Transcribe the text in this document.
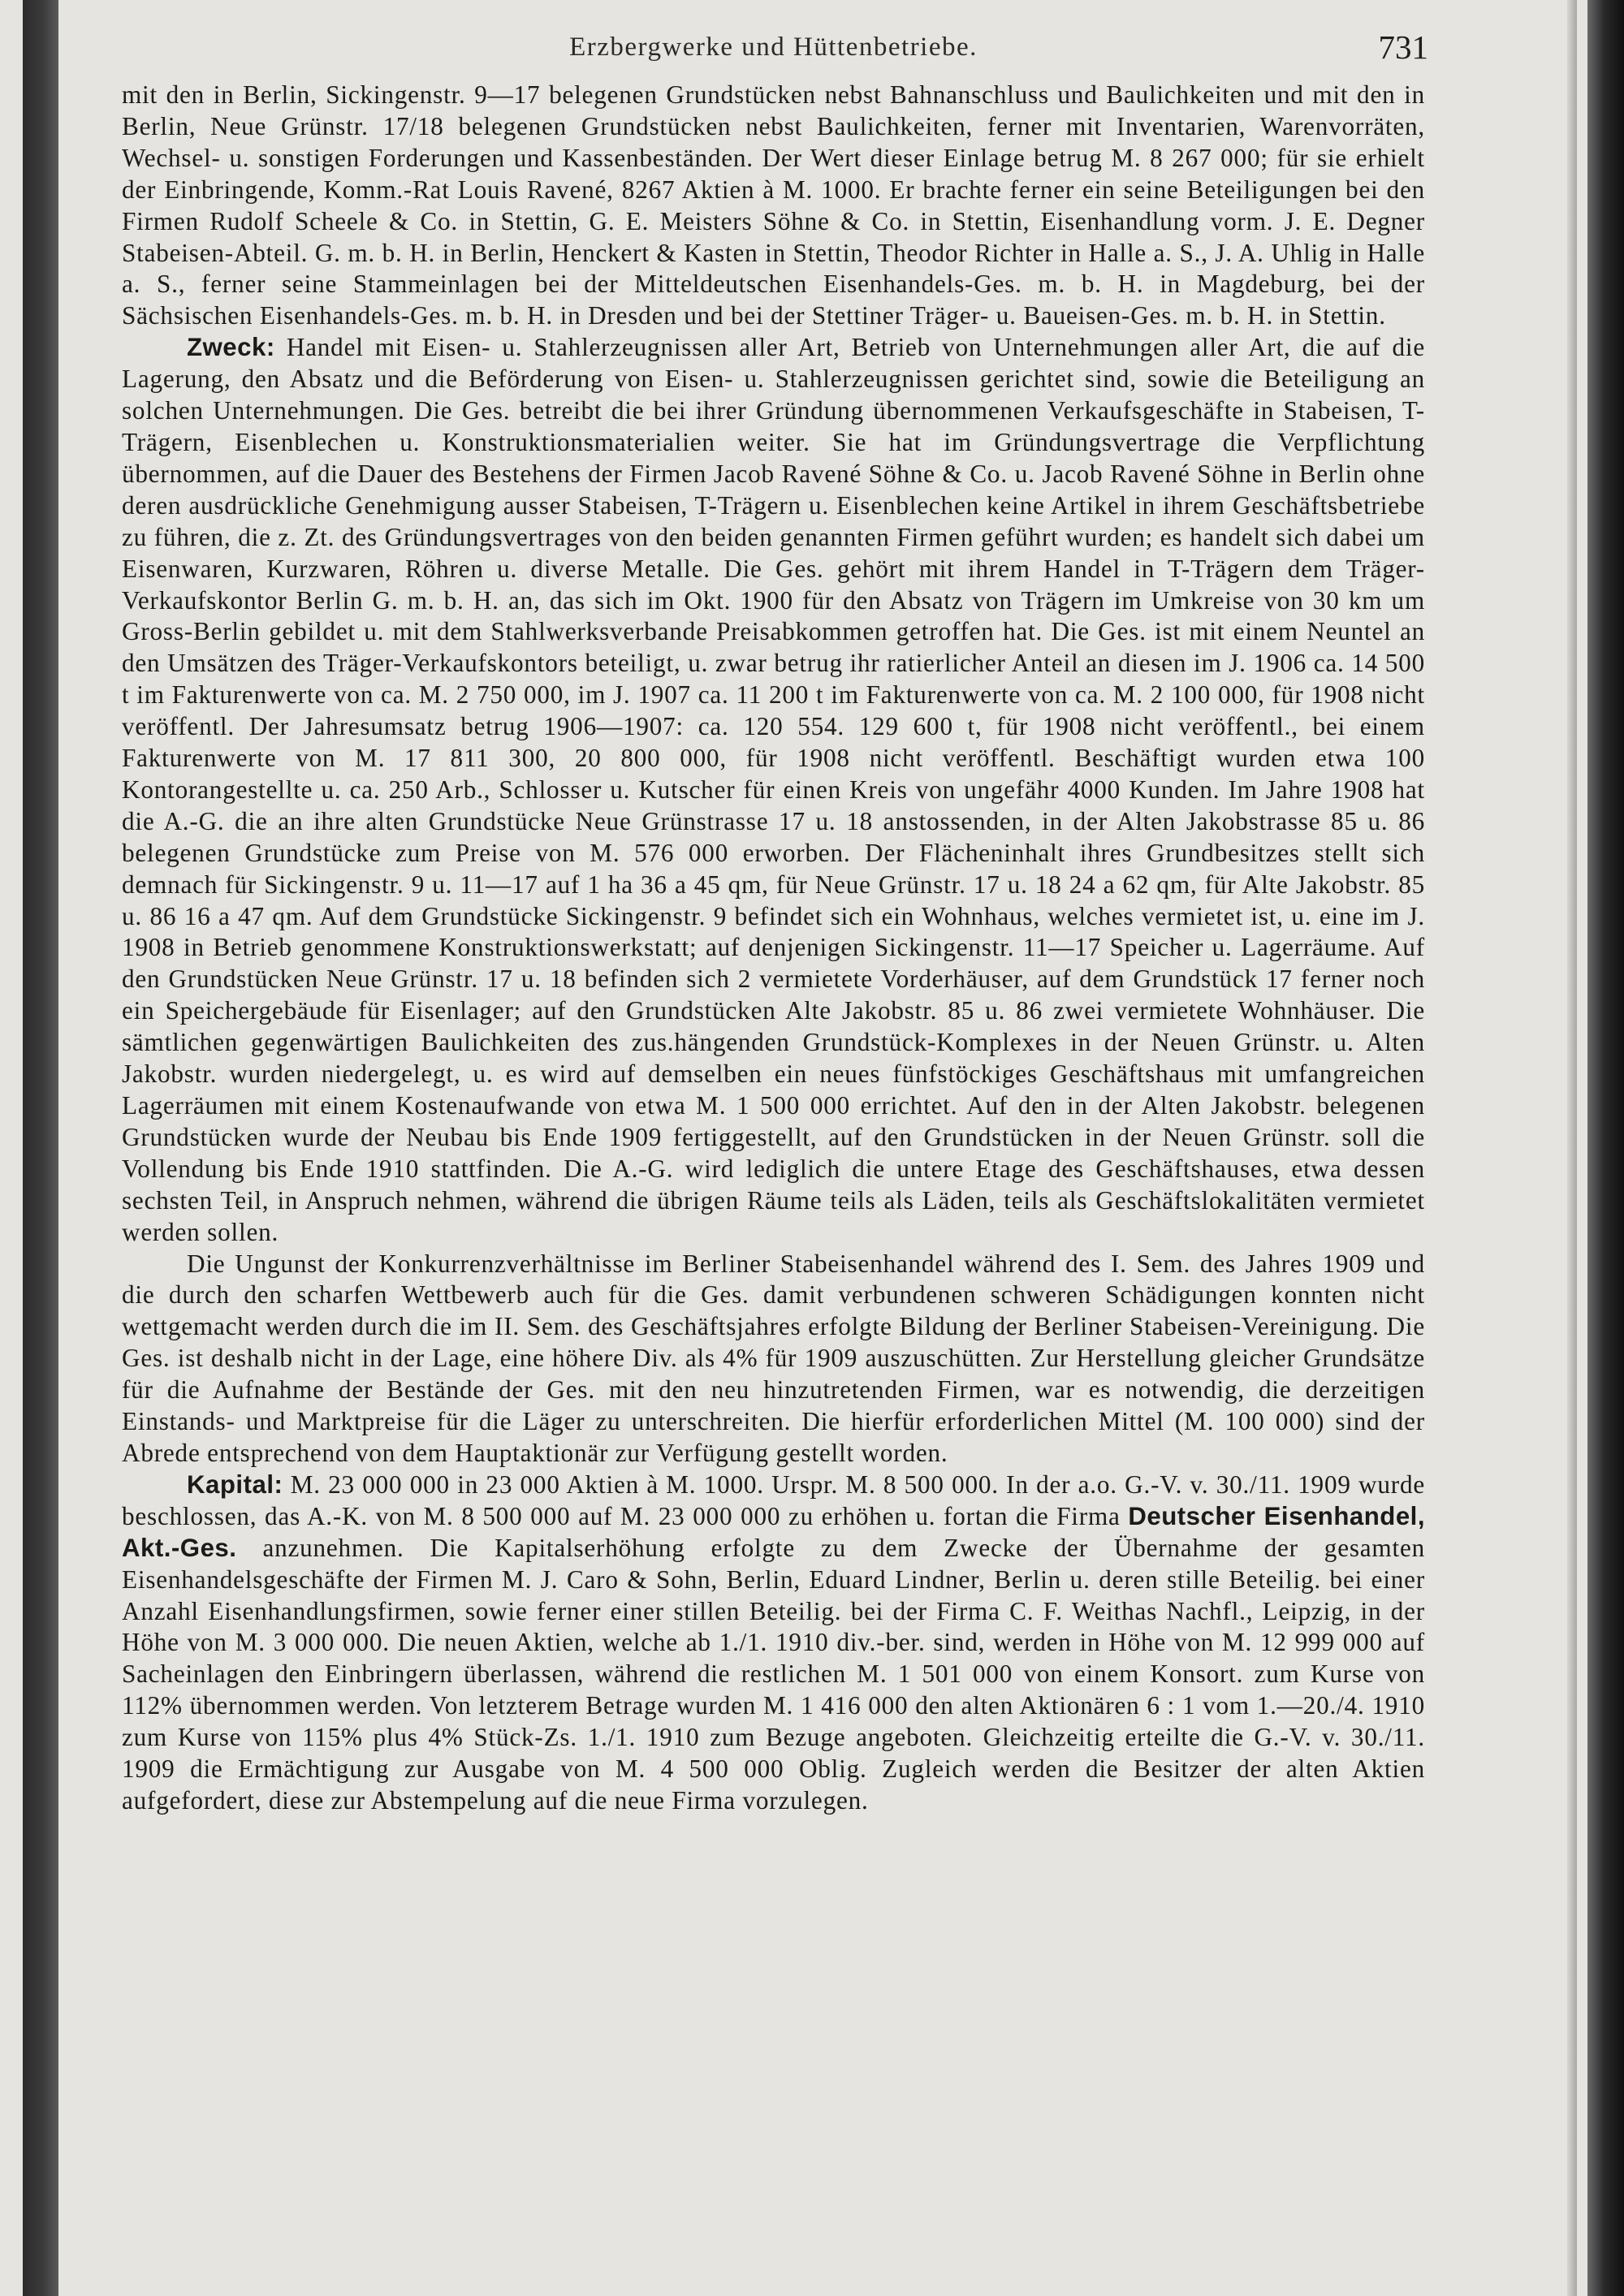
Erzbergwerke und Hüttenbetriebe.	731

mit den in Berlin, Sickingenstr. 9—17 belegenen Grundstücken nebst Bahnanschluss und Baulichkeiten und mit den in Berlin, Neue Grünstr. 17/18 belegenen Grundstücken nebst Baulichkeiten, ferner mit Inventarien, Warenvorräten, Wechsel- u. sonstigen Forderungen und Kassenbeständen. Der Wert dieser Einlage betrug M. 8 267 000; für sie erhielt der Einbringende, Komm.-Rat Louis Ravené, 8267 Aktien à M. 1000. Er brachte ferner ein seine Beteiligungen bei den Firmen Rudolf Scheele & Co. in Stettin, G. E. Meisters Söhne & Co. in Stettin, Eisenhandlung vorm. J. E. Degner Stabeisen-Abteil. G. m. b. H. in Berlin, Henckert & Kasten in Stettin, Theodor Richter in Halle a. S., J. A. Uhlig in Halle a. S., ferner seine Stammeinlagen bei der Mitteldeutschen Eisenhandels-Ges. m. b. H. in Magdeburg, bei der Sächsischen Eisenhandels-Ges. m. b. H. in Dresden und bei der Stettiner Träger- u. Baueisen-Ges. m. b. H. in Stettin.

Zweck: Handel mit Eisen- u. Stahlerzeugnissen aller Art, Betrieb von Unternehmungen aller Art, die auf die Lagerung, den Absatz und die Beförderung von Eisen- u. Stahlerzeugnissen gerichtet sind, sowie die Beteiligung an solchen Unternehmungen. Die Ges. betreibt die bei ihrer Gründung übernommenen Verkaufsgeschäfte in Stabeisen, T-Trägern, Eisenblechen u. Konstruktionsmaterialien weiter. Sie hat im Gründungsvertrage die Verpflichtung übernommen, auf die Dauer des Bestehens der Firmen Jacob Ravené Söhne & Co. u. Jacob Ravené Söhne in Berlin ohne deren ausdrückliche Genehmigung ausser Stabeisen, T-Trägern u. Eisenblechen keine Artikel in ihrem Geschäftsbetriebe zu führen, die z. Zt. des Gründungsvertrages von den beiden genannten Firmen geführt wurden; es handelt sich dabei um Eisenwaren, Kurzwaren, Röhren u. diverse Metalle. Die Ges. gehört mit ihrem Handel in T-Trägern dem Träger-Verkaufskontor Berlin G. m. b. H. an, das sich im Okt. 1900 für den Absatz von Trägern im Umkreise von 30 km um Gross-Berlin gebildet u. mit dem Stahlwerksverbande Preisabkommen getroffen hat. Die Ges. ist mit einem Neuntel an den Umsätzen des Träger-Verkaufskontors beteiligt, u. zwar betrug ihr ratierlicher Anteil an diesen im J. 1906 ca. 14 500 t im Fakturenwerte von ca. M. 2 750 000, im J. 1907 ca. 11 200 t im Fakturenwerte von ca. M. 2 100 000, für 1908 nicht veröffentl. Der Jahresumsatz betrug 1906—1907: ca. 120 554. 129 600 t, für 1908 nicht veröffentl., bei einem Fakturenwerte von M. 17 811 300, 20 800 000, für 1908 nicht veröffentl. Beschäftigt wurden etwa 100 Kontorangestellte u. ca. 250 Arb., Schlosser u. Kutscher für einen Kreis von ungefähr 4000 Kunden. Im Jahre 1908 hat die A.-G. die an ihre alten Grundstücke Neue Grünstrasse 17 u. 18 anstossenden, in der Alten Jakobstrasse 85 u. 86 belegenen Grundstücke zum Preise von M. 576 000 erworben. Der Flächeninhalt ihres Grundbesitzes stellt sich demnach für Sickingenstr. 9 u. 11—17 auf 1 ha 36 a 45 qm, für Neue Grünstr. 17 u. 18 24 a 62 qm, für Alte Jakobstr. 85 u. 86 16 a 47 qm. Auf dem Grundstücke Sickingenstr. 9 befindet sich ein Wohnhaus, welches vermietet ist, u. eine im J. 1908 in Betrieb genommene Konstruktionswerkstatt; auf denjenigen Sickingenstr. 11—17 Speicher u. Lagerräume. Auf den Grundstücken Neue Grünstr. 17 u. 18 befinden sich 2 vermietete Vorderhäuser, auf dem Grundstück 17 ferner noch ein Speichergebäude für Eisenlager; auf den Grundstücken Alte Jakobstr. 85 u. 86 zwei vermietete Wohnhäuser. Die sämtlichen gegenwärtigen Baulichkeiten des zus.hängenden Grundstück-Komplexes in der Neuen Grünstr. u. Alten Jakobstr. wurden niedergelegt, u. es wird auf demselben ein neues fünfstöckiges Geschäftshaus mit umfangreichen Lagerräumen mit einem Kostenaufwande von etwa M. 1 500 000 errichtet. Auf den in der Alten Jakobstr. belegenen Grundstücken wurde der Neubau bis Ende 1909 fertiggestellt, auf den Grundstücken in der Neuen Grünstr. soll die Vollendung bis Ende 1910 stattfinden. Die A.-G. wird lediglich die untere Etage des Geschäftshauses, etwa dessen sechsten Teil, in Anspruch nehmen, während die übrigen Räume teils als Läden, teils als Geschäftslokalitäten vermietet werden sollen.

Die Ungunst der Konkurrenzverhältnisse im Berliner Stabeisenhandel während des I. Sem. des Jahres 1909 und die durch den scharfen Wettbewerb auch für die Ges. damit verbundenen schweren Schädigungen konnten nicht wettgemacht werden durch die im II. Sem. des Geschäftsjahres erfolgte Bildung der Berliner Stabeisen-Vereinigung. Die Ges. ist deshalb nicht in der Lage, eine höhere Div. als 4% für 1909 auszuschütten. Zur Herstellung gleicher Grundsätze für die Aufnahme der Bestände der Ges. mit den neu hinzutretenden Firmen, war es notwendig, die derzeitigen Einstands- und Marktpreise für die Läger zu unterschreiten. Die hierfür erforderlichen Mittel (M. 100 000) sind der Abrede entsprechend von dem Hauptaktionär zur Verfügung gestellt worden.

Kapital: M. 23 000 000 in 23 000 Aktien à M. 1000. Urspr. M. 8 500 000. In der a.o. G.-V. v. 30./11. 1909 wurde beschlossen, das A.-K. von M. 8 500 000 auf M. 23 000 000 zu erhöhen u. fortan die Firma Deutscher Eisenhandel, Akt.-Ges. anzunehmen. Die Kapitalserhöhung erfolgte zu dem Zwecke der Übernahme der gesamten Eisenhandelsgeschäfte der Firmen M. J. Caro & Sohn, Berlin, Eduard Lindner, Berlin u. deren stille Beteilig. bei einer Anzahl Eisenhandlungsfirmen, sowie ferner einer stillen Beteilig. bei der Firma C. F. Weithas Nachfl., Leipzig, in der Höhe von M. 3 000 000. Die neuen Aktien, welche ab 1./1. 1910 div.-ber. sind, werden in Höhe von M. 12 999 000 auf Sacheinlagen den Einbringern überlassen, während die restlichen M. 1 501 000 von einem Konsort. zum Kurse von 112% übernommen werden. Von letzterem Betrage wurden M. 1 416 000 den alten Aktionären 6 : 1 vom 1.—20./4. 1910 zum Kurse von 115% plus 4% Stück-Zs. 1./1. 1910 zum Bezuge angeboten. Gleichzeitig erteilte die G.-V. v. 30./11. 1909 die Ermächtigung zur Ausgabe von M. 4 500 000 Oblig. Zugleich werden die Besitzer der alten Aktien aufgefordert, diese zur Abstempelung auf die neue Firma vorzulegen.
